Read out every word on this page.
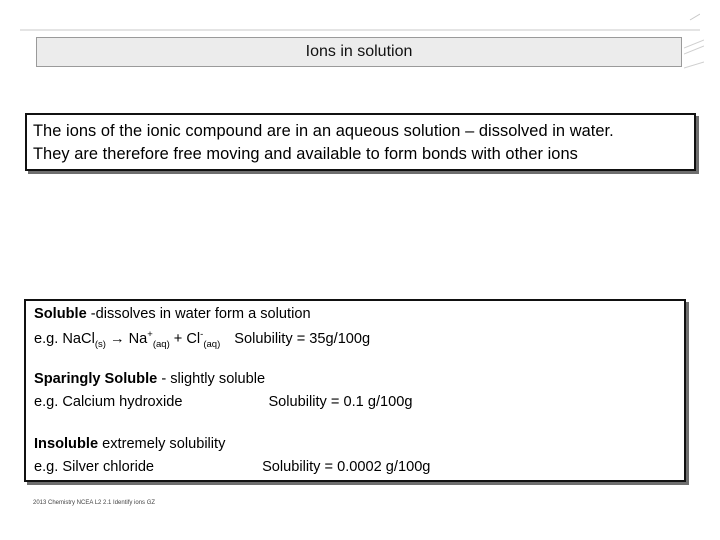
Ions in solution

The ions of the ionic compound are in an aqueous solution – dissolved in water.

They are therefore free moving and available to form bonds with other ions

Soluble -dissolves in water form a solution
e.g. NaCl$_{(s)}$ → $Na^+_{(aq)} + Cl^-_{(aq)}$ Solubility = 35g/100g
Sparingly Soluble - slightly soluble
e.g. Calcium hydroxide	Solubility = 0.1 g/100g
Insoluble extremely solubility
e.g. Silver chloride	Solubility = 0.0002 g/100g
2013 Chemistry NCEA L2 2.1 Identify ions GZ
